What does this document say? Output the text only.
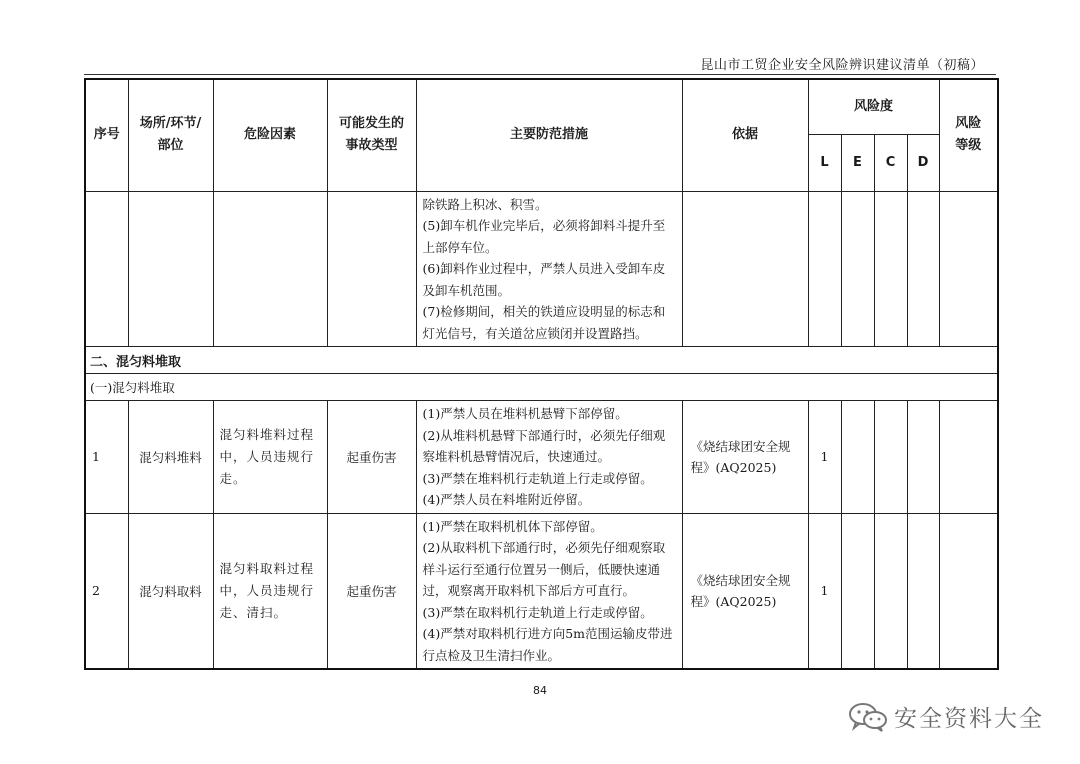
昆山市工贸企业安全风险辨识建议清单（初稿）
序号	场所/环节/部位	危险因素	可能发生的事故类型	主要防范措施	依据	风险度				风险等级
						L	E	C	D	

				除铁路上积冰、积雪。

(5)卸车机作业完毕后，必须将卸料斗提升至上部停车位。

(6)卸料作业过程中，严禁人员进入受卸车皮及卸车机范围。

(7)检修期间，相关的铁道应设明显的标志和灯光信号，有关道岔应锁闭并设置路挡。						

二、混匀料堆取										
(一)混匀料堆取										
1	混匀料堆料	混匀料堆料过程中，人员违规行走。	起重伤害	(1)严禁人员在堆料机悬臂下部停留。

(2)从堆料机悬臂下部通行时，必须先仔细观察堆料机悬臂情况后，快速通过。

(3)严禁在堆料机行走轨道上行走或停留。

(4)严禁人员在料堆附近停留。	《烧结球团安全规程》(AQ2025)	1				
2	混匀料取料	混匀料取料过程中，人员违规行走、清扫。	起重伤害	(1)严禁在取料机机体下部停留。

(2)从取料机下部通行时，必须先仔细观察取样斗运行至通行位置另一侧后，低腰快速通过，观察离开取料机下部后方可直行。

(3)严禁在取料机行走轨道上行走或停留。

(4)严禁对取料机行进方向5m范围运输皮带进行点检及卫生清扫作业。	《烧结球团安全规程》(AQ2025)	1				
84
安全资料大全
